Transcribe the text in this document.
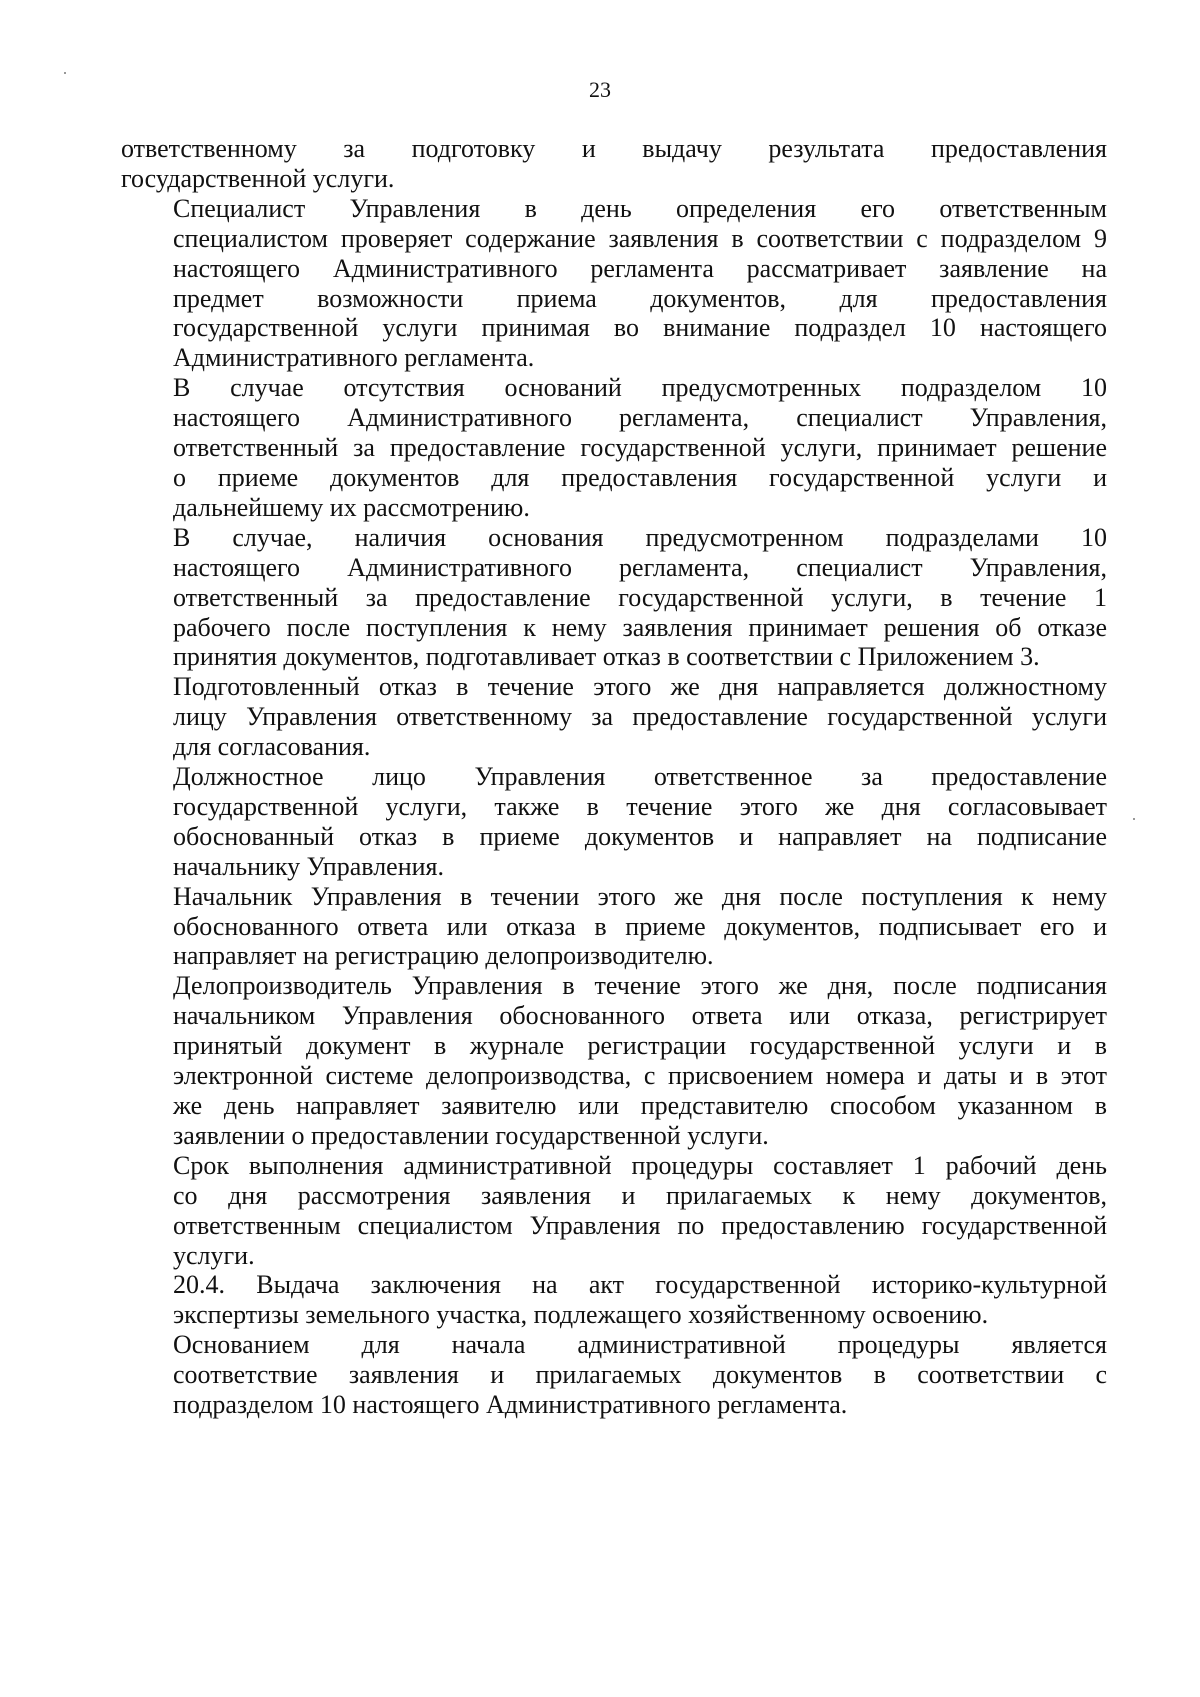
23
ответственному за подготовку и выдачу результата предоставления
государственной услуги.
Специалист Управления в день определения его ответственным
специалистом проверяет содержание заявления в соответствии с подразделом 9
настоящего Административного регламента рассматривает заявление на
предмет возможности приема документов, для предоставления
государственной услуги принимая во внимание подраздел 10 настоящего
Административного регламента.
В случае отсутствия оснований предусмотренных подразделом 10
настоящего Административного регламента, специалист Управления,
ответственный за предоставление государственной услуги, принимает решение
о приеме документов для предоставления государственной услуги и
дальнейшему их рассмотрению.
В случае, наличия основания предусмотренном подразделами 10
настоящего Административного регламента, специалист Управления,
ответственный за предоставление государственной услуги, в течение 1
рабочего после поступления к нему заявления принимает решения об отказе
принятия документов, подготавливает отказ в соответствии с Приложением 3.
Подготовленный отказ в течение этого же дня направляется должностному
лицу Управления ответственному за предоставление государственной услуги
для согласования.
Должностное лицо Управления ответственное за предоставление
государственной услуги, также в течение этого же дня согласовывает
обоснованный отказ в приеме документов и направляет на подписание
начальнику Управления.
Начальник Управления в течении этого же дня после поступления к нему
обоснованного ответа или отказа в приеме документов, подписывает его и
направляет на регистрацию делопроизводителю.
Делопроизводитель Управления в течение этого же дня, после подписания
начальником Управления обоснованного ответа или отказа, регистрирует
принятый документ в журнале регистрации государственной услуги и в
электронной системе делопроизводства, с присвоением номера и даты и в этот
же день направляет заявителю или представителю способом указанном в
заявлении о предоставлении государственной услуги.
Срок выполнения административной процедуры составляет 1 рабочий день
со дня рассмотрения заявления и прилагаемых к нему документов,
ответственным специалистом Управления по предоставлению государственной
услуги.
20.4. Выдача заключения на акт государственной историко-культурной
экспертизы земельного участка, подлежащего хозяйственному освоению.
Основанием для начала административной процедуры является
соответствие заявления и прилагаемых документов в соответствии с
подразделом 10 настоящего Административного регламента.
